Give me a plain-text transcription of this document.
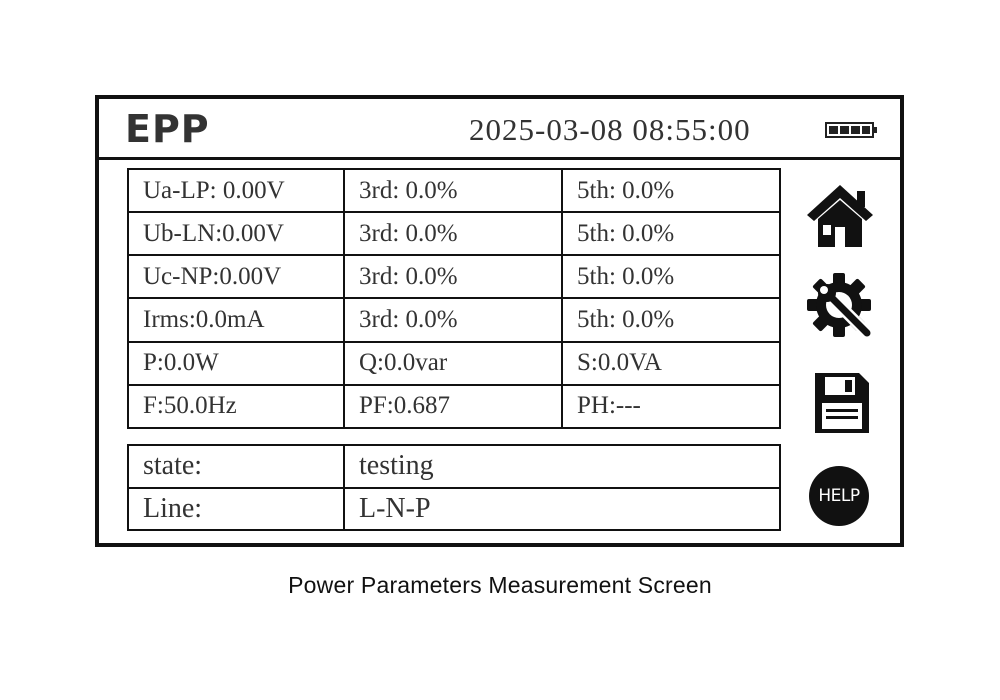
EPP	2025-03-08 08:55:00
Ua-LP: 0.00V	3rd: 0.0%	5th: 0.0%
Ub-LN:0.00V	3rd: 0.0%	5th: 0.0%
Uc-NP:0.00V	3rd: 0.0%	5th: 0.0%
Irms:0.0mA	3rd: 0.0%	5th: 0.0%
P:0.0W	Q:0.0var	S:0.0VA
F:50.0Hz	PF:0.687	PH:---
state:	testing
Line:	L-N-P	HELP
Power Parameters Measurement Screen
